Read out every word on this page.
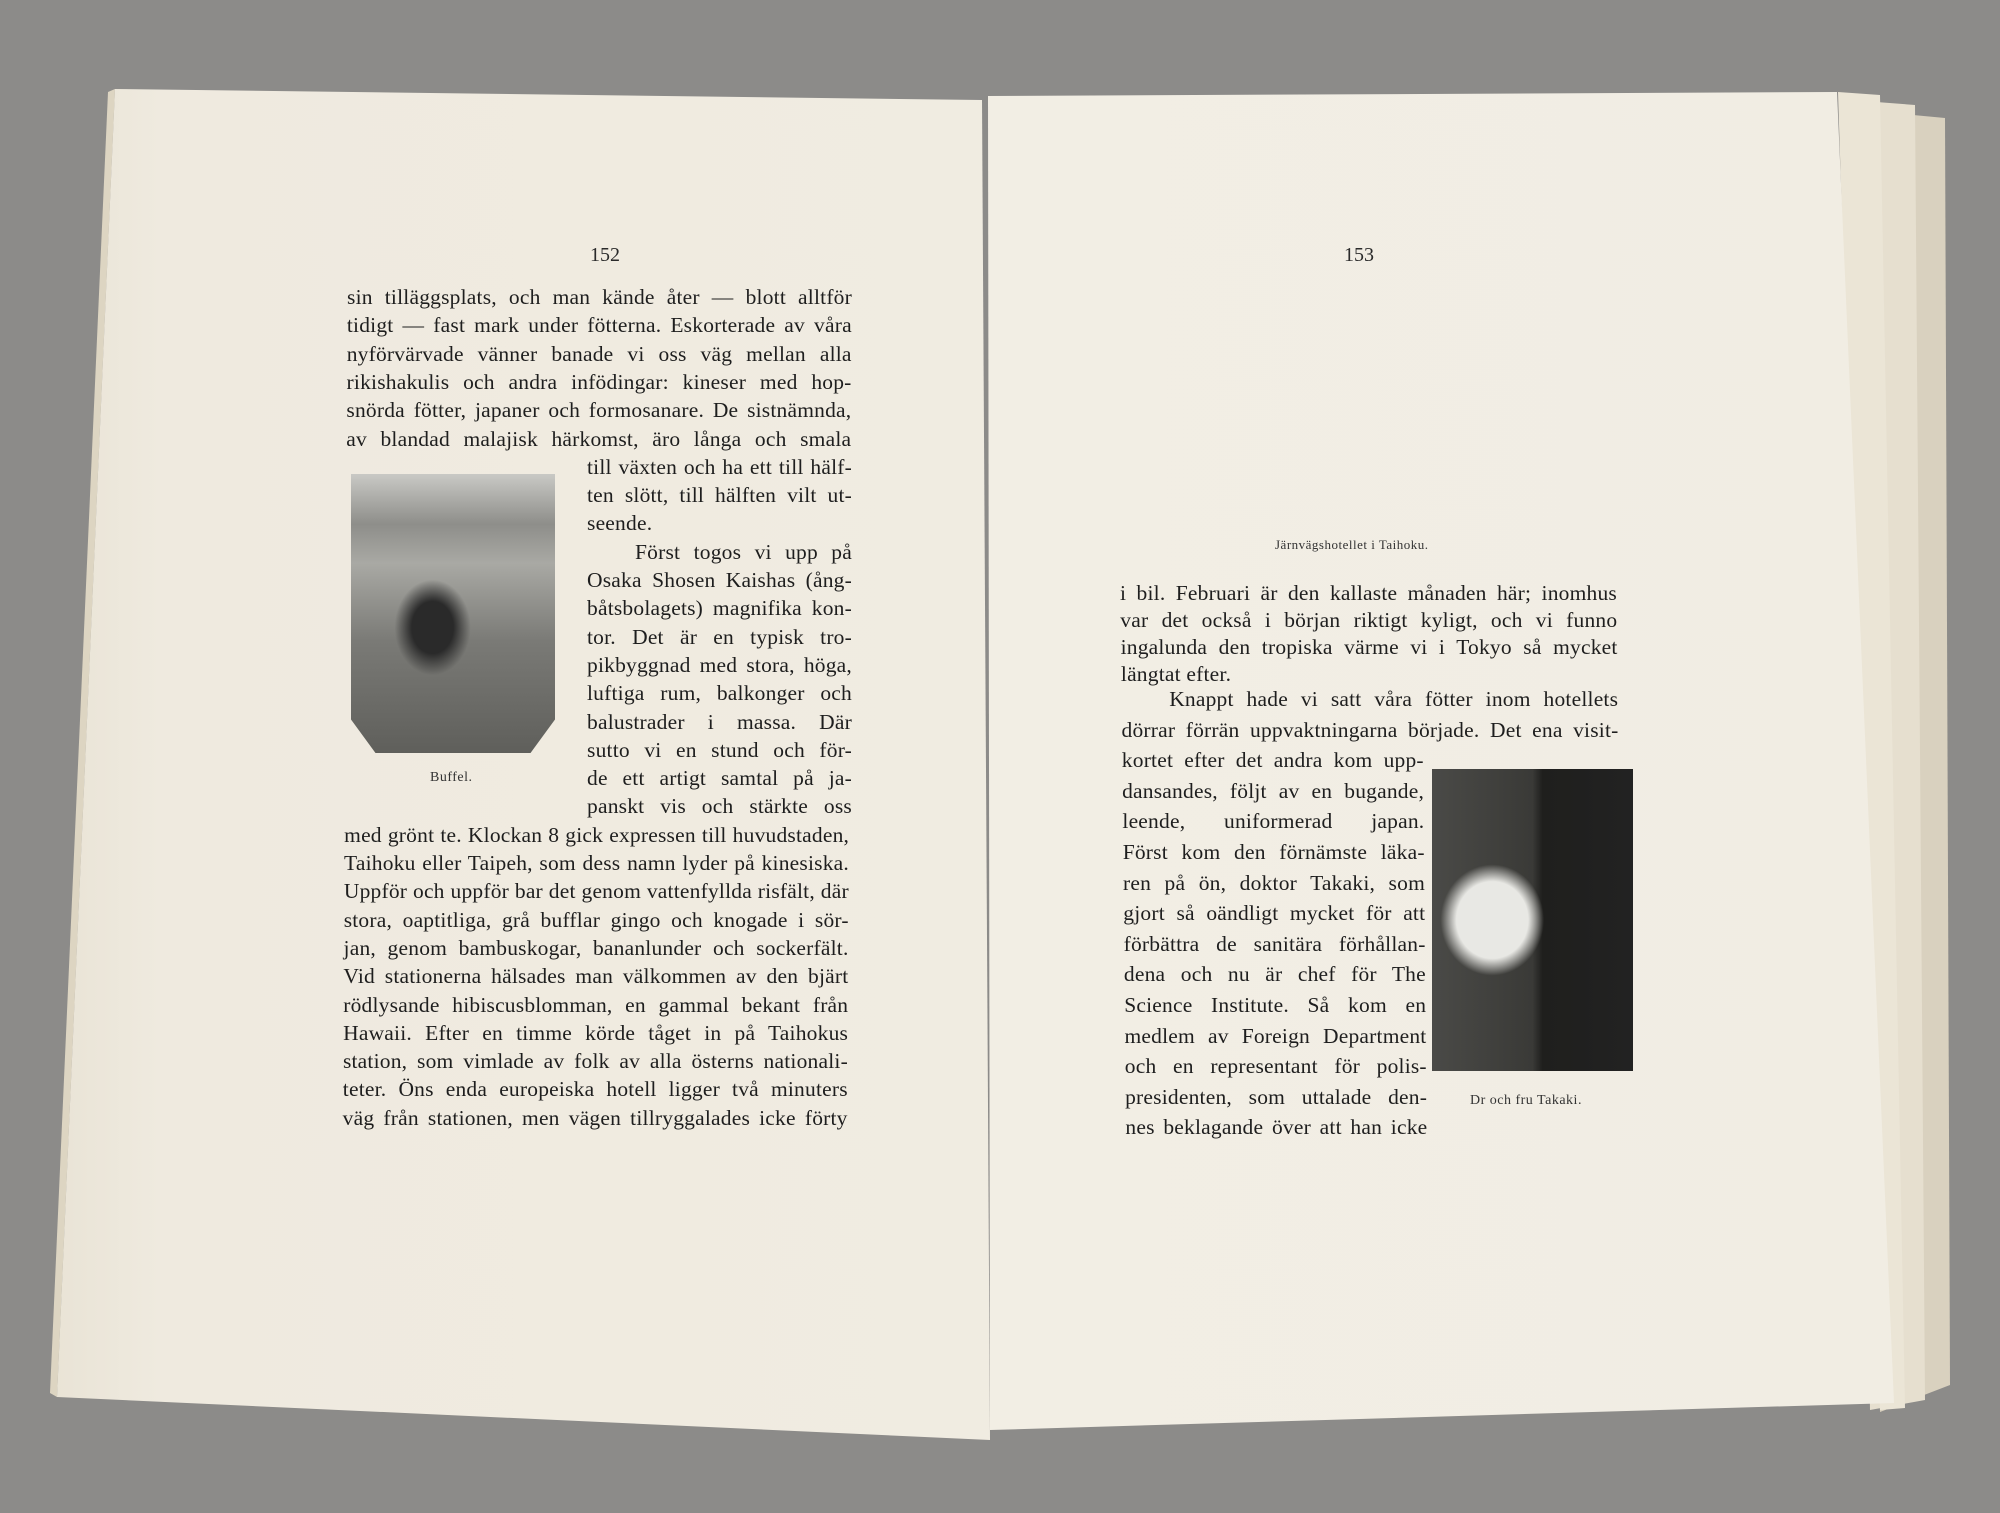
152	153
sin tilläggsplats, och man kände åter — blott alltför
tidigt — fast mark under fötterna. Eskorterade av våra
nyförvärvade vänner banade vi oss väg mellan alla
rikishakulis och andra infödingar: kineser med hop-
snörda fötter, japaner och formosanare. De sistnämnda,
av blandad malajisk härkomst, äro långa och smala
till växten och ha ett till hälf-
ten slött, till hälften vilt ut-
seende.
Först togos vi upp på
Osaka Shosen Kaishas (ång-
båtsbolagets) magnifika kon-
tor. Det är en typisk tro-
pikbyggnad med stora, höga,
luftiga rum, balkonger och
balustrader i massa. Där
sutto vi en stund och för-
de ett artigt samtal på ja-
panskt vis och stärkte oss
med grönt te. Klockan 8 gick expressen till huvudstaden,
Taihoku eller Taipeh, som dess namn lyder på kinesiska.
Uppför och uppför bar det genom vattenfyllda risfält, där
stora, oaptitliga, grå bufflar gingo och knogade i sör-
jan, genom bambuskogar, bananlunder och sockerfält.
Vid stationerna hälsades man välkommen av den bjärt
rödlysande hibiscusblomman, en gammal bekant från
Hawaii. Efter en timme körde tåget in på Taihokus
station, som vimlade av folk av alla österns nationali-
teter. Öns enda europeiska hotell ligger två minuters
väg från stationen, men vägen tillryggalades icke förty
i bil. Februari är den kallaste månaden här; inomhus
var det också i början riktigt kyligt, och vi funno
ingalunda den tropiska värme vi i Tokyo så mycket
längtat efter.
Knappt hade vi satt våra fötter inom hotellets
dörrar förrän uppvaktningarna började. Det ena visit-
kortet efter det andra kom upp-
dansandes, följt av en bugande,
leende, uniformerad japan.
Först kom den förnämste läka-
ren på ön, doktor Takaki, som
gjort så oändligt mycket för att
förbättra de sanitära förhållan-
dena och nu är chef för The
Science Institute. Så kom en
medlem av Foreign Department
och en representant för polis-
presidenten, som uttalade den-
nes beklagande över att han icke
Buffel.
Järnvägshotellet i Taihoku.
Dr och fru Takaki.
